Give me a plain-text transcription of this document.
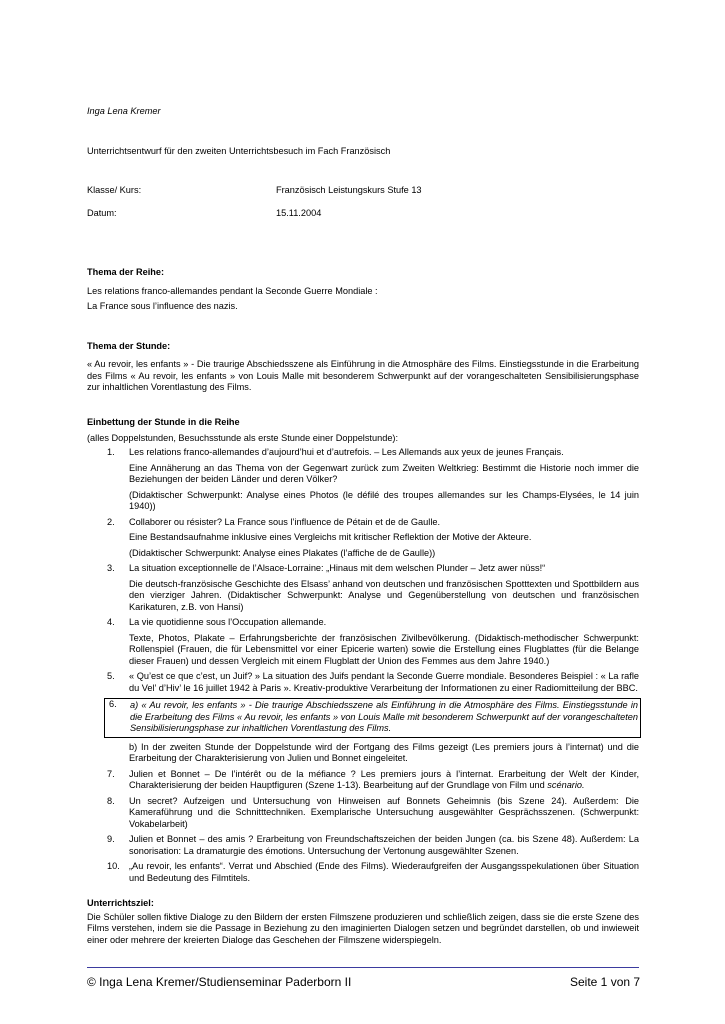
Inga Lena Kremer
Unterrichtsentwurf für den zweiten Unterrichtsbesuch im Fach Französisch
Klasse/ Kurs:	Französisch Leistungskurs Stufe 13
Datum:	15.11.2004
Thema der Reihe:
Les relations franco-allemandes pendant la Seconde Guerre Mondiale :
La France sous l’influence des nazis.
Thema der Stunde:

« Au revoir, les enfants » - Die traurige Abschiedsszene als Einführung in die Atmosphäre des Films. Einstiegsstunde in die Erarbeitung des Films « Au revoir, les enfants » von Louis Malle mit besonderem Schwerpunkt auf der vorangeschalteten Sensibilisierungsphase zur inhaltlichen Vorentlastung des Films.

Einbettung der Stunde in die Reihe
(alles Doppelstunden, Besuchsstunde als erste Stunde einer Doppelstunde):
1. Les relations franco-allemandes d’aujourd’hui et d’autrefois. – Les Allemands aux yeux de jeunes Français.

Eine Annäherung an das Thema von der Gegenwart zurück zum Zweiten Weltkrieg: Bestimmt die Historie noch immer die Beziehungen der beiden Länder und deren Völker?

(Didaktischer Schwerpunkt: Analyse eines Photos (le défilé des troupes allemandes sur les Champs-Elysées, le 14 juin 1940))

2. Collaborer ou résister? La France sous l’influence de Pétain et de de Gaulle.

Eine Bestandsaufnahme inklusive eines Vergleichs mit kritischer Reflektion der Motive der Akteure.

(Didaktischer Schwerpunkt: Analyse eines Plakates (l’affiche de de Gaulle))

3. La situation exceptionnelle de l’Alsace-Lorraine: „Hinaus mit dem welschen Plunder – Jetz awer nüss!“

Die deutsch-französische Geschichte des Elsass’ anhand von deutschen und französischen Spotttexten und Spottbildern aus den vierziger Jahren. (Didaktischer Schwerpunkt: Analyse und Gegenüberstellung von deutschen und französischen Karikaturen, z.B. von Hansi)

4. La vie quotidienne sous l’Occupation allemande.

Texte, Photos, Plakate – Erfahrungsberichte der französischen Zivilbevölkerung. (Didaktisch-methodischer Schwerpunkt: Rollenspiel (Frauen, die für Lebensmittel vor einer Epicerie warten) sowie die Erstellung eines Flugblattes (für die Belange dieser Frauen) und dessen Vergleich mit einem Flugblatt der Union des Femmes aus dem Jahre 1940.)

5. « Qu’est ce que c’est, un Juif? » La situation des Juifs pendant la Seconde Guerre mondiale. Besonderes Beispiel : « La rafle du Vel’ d’Hiv’ le 16 juillet 1942 à Paris ». Kreativ-produktive Verarbeitung der Informationen zu einer Radiomitteilung der BBC.

6. a) « Au revoir, les enfants » - Die traurige Abschiedsszene als Einführung in die Atmosphäre des Films. Einstiegsstunde in die Erarbeitung des Films « Au revoir, les enfants » von Louis Malle mit besonderem Schwerpunkt auf der vorangeschalteten Sensibilisierungsphase zur inhaltlichen Vorentlastung des Films.

b) In der zweiten Stunde der Doppelstunde wird der Fortgang des Films gezeigt (Les premiers jours à l’internat) und die Erarbeitung der Charakterisierung von Julien und Bonnet eingeleitet.

7. Julien et Bonnet – De l’intérêt ou de la méfiance ? Les premiers jours à l’internat. Erarbeitung der Welt der Kinder, Charakterisierung der beiden Hauptfiguren (Szene 1-13). Bearbeitung auf der Grundlage von Film und scénario.

8. Un secret? Aufzeigen und Untersuchung von Hinweisen auf Bonnets Geheimnis (bis Szene 24). Außerdem: Die Kameraführung und die Schnitttechniken. Exemplarische Untersuchung ausgewählter Gesprächsszenen. (Schwerpunkt: Vokabelarbeit)

9. Julien et Bonnet – des amis ? Erarbeitung von Freundschaftszeichen der beiden Jungen (ca. bis Szene 48). Außerdem: La sonorisation: La dramaturgie des émotions. Untersuchung der Vertonung ausgewählter Szenen.

10. „Au revoir, les enfants“. Verrat und Abschied (Ende des Films). Wiederaufgreifen der Ausgangsspekulationen über Situation und Bedeutung des Filmtitels.

Unterrichtsziel:

Die Schüler sollen fiktive Dialoge zu den Bildern der ersten Filmszene produzieren und schließlich zeigen, dass sie die erste Szene des Films verstehen, indem sie die Passage in Beziehung zu den imaginierten Dialogen setzen und begründet darstellen, ob und inwieweit einer oder mehrere der kreierten Dialoge das Geschehen der Filmszene widerspiegeln.

© Inga Lena Kremer/Studienseminar Paderborn II	Seite 1 von 7
